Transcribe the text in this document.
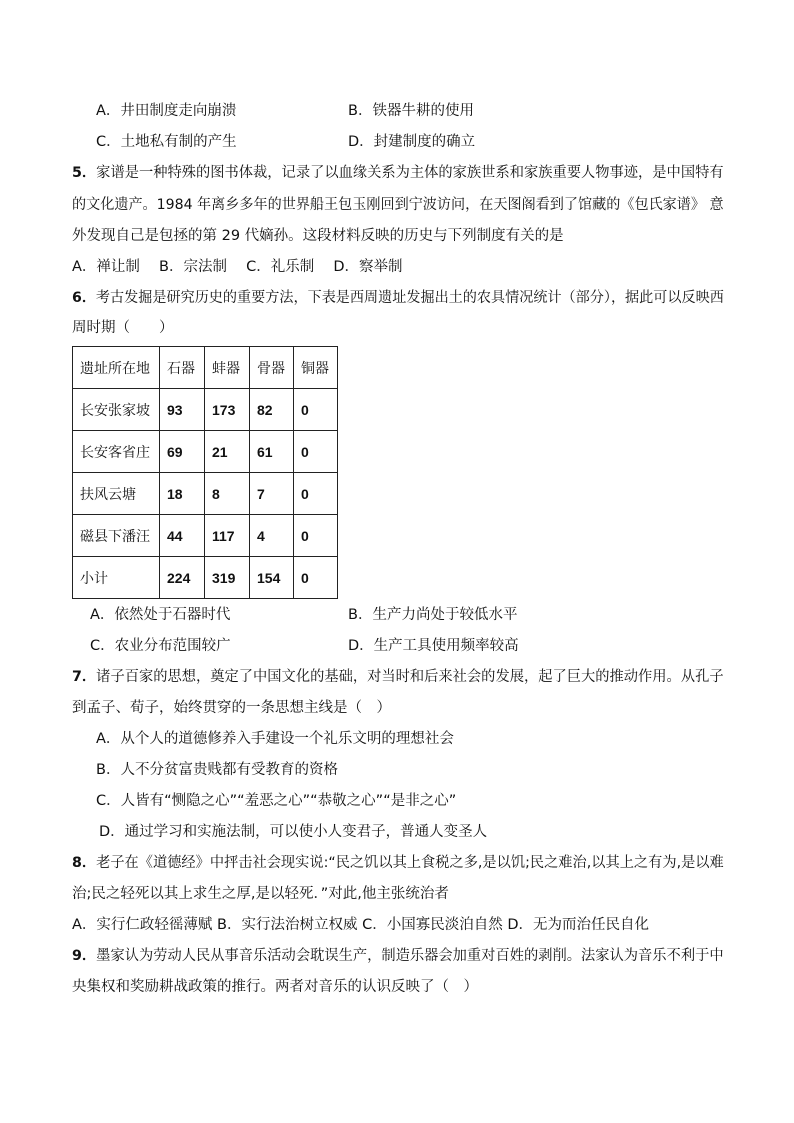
A．井田制度走向崩溃	B．铁器牛耕的使用
C．土地私有制的产生	D．封建制度的确立
5．家谱是一种特殊的图书体裁，记录了以血缘关系为主体的家族世系和家族重要人物事迹，是中国特有
的文化遗产。1984 年离乡多年的世界船王包玉刚回到宁波访问，在天图阁看到了馆藏的《包氏家谱》 意
外发现自己是包拯的第 29 代嫡孙。这段材料反映的历史与下列制度有关的是
A．禅让制　 B．宗法制　 C．礼乐制　 D．察举制
6．考古发掘是研究历史的重要方法，下表是西周遗址发掘出土的农具情况统计（部分），据此可以反映西
周时期（　　）
遗址所在地	石器	蚌器	骨器	铜器
长安张家坡	93	173	82	0
长安客省庄	69	21	61	0
扶风云塘	18	8	7	0
磁县下潘汪	44	117	4	0
小计	224	319	154	0
A．依然处于石器时代	B．生产力尚处于较低水平
C．农业分布范围较广	D．生产工具使用频率较高
7．诸子百家的思想，奠定了中国文化的基础，对当时和后来社会的发展，起了巨大的推动作用。从孔子
到孟子、荀子，始终贯穿的一条思想主线是（　）
A．从个人的道德修养入手建设一个礼乐文明的理想社会
B．人不分贫富贵贱都有受教育的资格
C．人皆有“恻隐之心”“羞恶之心”“恭敬之心”“是非之心”
D．通过学习和实施法制，可以使小人变君子，普通人变圣人
8．老子在《道德经》中抨击社会现实说:“民之饥以其上食税之多,是以饥;民之难治,以其上之有为,是以难
治;民之轻死以其上求生之厚,是以轻死．”对此,他主张统治者
A．实行仁政轻徭薄赋 B．实行法治树立权威 C．小国寡民淡泊自然 D．无为而治任民自化
9．墨家认为劳动人民从事音乐活动会耽误生产，制造乐器会加重对百姓的剥削。法家认为音乐不利于中
央集权和奖励耕战政策的推行。两者对音乐的认识反映了（　）
